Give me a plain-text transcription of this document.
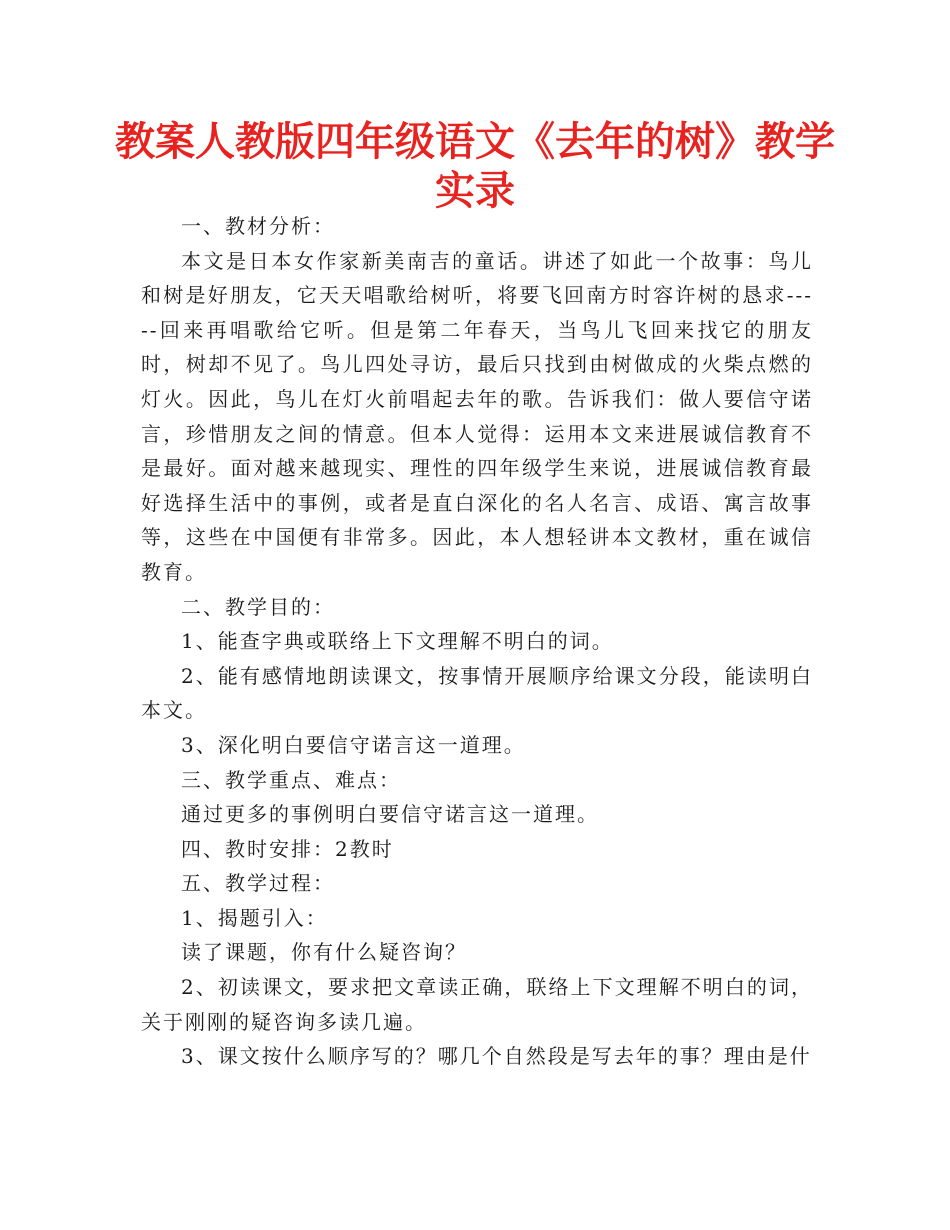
教案人教版四年级语文《去年的树》教学实录

一、教材分析：

本文是日本女作家新美南吉的童话。讲述了如此一个故事：鸟儿和树是好朋友，它天天唱歌给树听，将要飞回南方时容许树的恳求-----回来再唱歌给它听。但是第二年春天，当鸟儿飞回来找它的朋友时，树却不见了。鸟儿四处寻访，最后只找到由树做成的火柴点燃的灯火。因此，鸟儿在灯火前唱起去年的歌。告诉我们：做人要信守诺言，珍惜朋友之间的情意。但本人觉得：运用本文来进展诚信教育不是最好。面对越来越现实、理性的四年级学生来说，进展诚信教育最好选择生活中的事例，或者是直白深化的名人名言、成语、寓言故事等，这些在中国便有非常多。因此，本人想轻讲本文教材，重在诚信教育。

二、教学目的：

1、能查字典或联络上下文理解不明白的词。

2、能有感情地朗读课文，按事情开展顺序给课文分段，能读明白本文。

3、深化明白要信守诺言这一道理。

三、教学重点、难点：

通过更多的事例明白要信守诺言这一道理。

四、教时安排：2教时

五、教学过程：

1、揭题引入：

读了课题，你有什么疑咨询？

2、初读课文，要求把文章读正确，联络上下文理解不明白的词，关于刚刚的疑咨询多读几遍。

3、课文按什么顺序写的？哪几个自然段是写去年的事？理由是什
